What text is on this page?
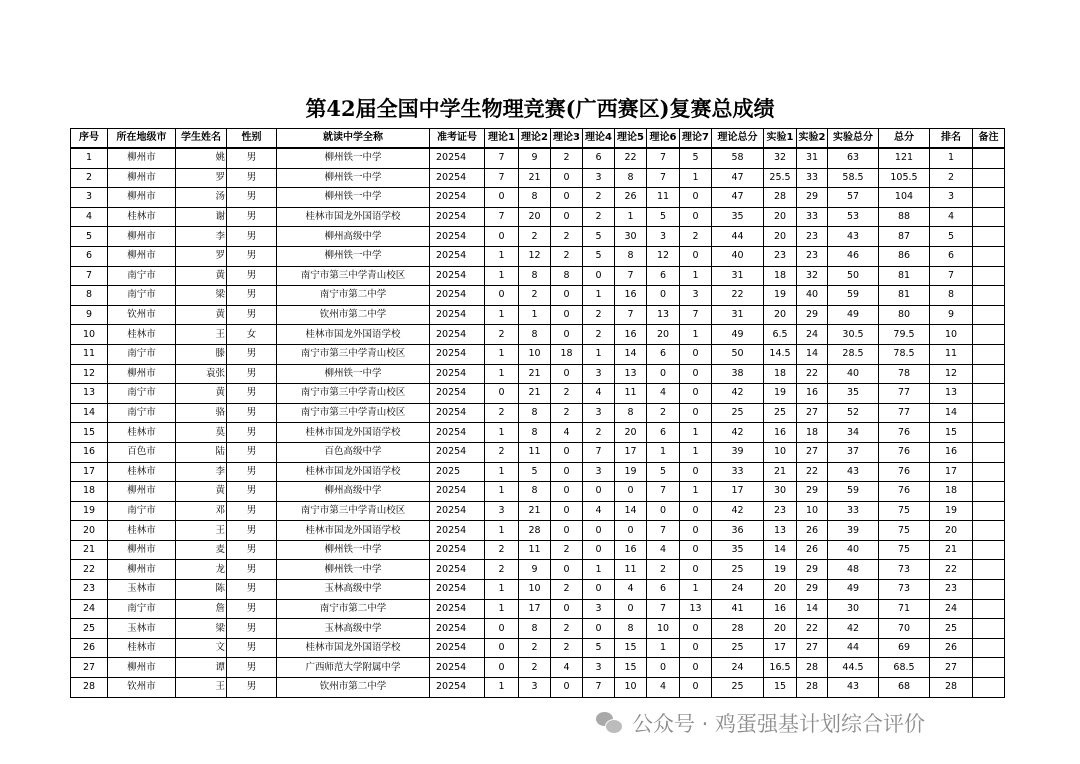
第42届全国中学生物理竞赛(广西赛区)复赛总成绩
序号	所在地级市	学生姓名	性别	就读中学全称	准考证号	理论1	理论2	理论3	理论4	理论5	理论6	理论7	理论总分	实验1	实验2	实验总分	总分	排名	备注
1	柳州市	姚	男	柳州铁一中学	20254	7	9	2	6	22	7	5	58	32	31	63	121	1	
2	柳州市	罗	男	柳州铁一中学	20254	7	21	0	3	8	7	1	47	25.5	33	58.5	105.5	2	
3	柳州市	汤	男	柳州铁一中学	20254	0	8	0	2	26	11	0	47	28	29	57	104	3	
4	桂林市	谢	男	桂林市国龙外国语学校	20254	7	20	0	2	1	5	0	35	20	33	53	88	4	
5	柳州市	李	男	柳州高级中学	20254	0	2	2	5	30	3	2	44	20	23	43	87	5	
6	柳州市	罗	男	柳州铁一中学	20254	1	12	2	5	8	12	0	40	23	23	46	86	6	
7	南宁市	黄	男	南宁市第三中学青山校区	20254	1	8	8	0	7	6	1	31	18	32	50	81	7	
8	南宁市	梁	男	南宁市第二中学	20254	0	2	0	1	16	0	3	22	19	40	59	81	8	
9	钦州市	黄	男	钦州市第二中学	20254	1	1	0	2	7	13	7	31	20	29	49	80	9	
10	桂林市	王	女	桂林市国龙外国语学校	20254	2	8	0	2	16	20	1	49	6.5	24	30.5	79.5	10	
11	南宁市	滕	男	南宁市第三中学青山校区	20254	1	10	18	1	14	6	0	50	14.5	14	28.5	78.5	11	
12	柳州市	袁张	男	柳州铁一中学	20254	1	21	0	3	13	0	0	38	18	22	40	78	12	
13	南宁市	黄	男	南宁市第三中学青山校区	20254	0	21	2	4	11	4	0	42	19	16	35	77	13	
14	南宁市	骆	男	南宁市第三中学青山校区	20254	2	8	2	3	8	2	0	25	25	27	52	77	14	
15	桂林市	莫	男	桂林市国龙外国语学校	20254	1	8	4	2	20	6	1	42	16	18	34	76	15	
16	百色市	陆	男	百色高级中学	20254	2	11	0	7	17	1	1	39	10	27	37	76	16	
17	桂林市	李	男	桂林市国龙外国语学校	2025	1	5	0	3	19	5	0	33	21	22	43	76	17	
18	柳州市	黄	男	柳州高级中学	20254	1	8	0	0	0	7	1	17	30	29	59	76	18	
19	南宁市	邓	男	南宁市第三中学青山校区	20254	3	21	0	4	14	0	0	42	23	10	33	75	19	
20	桂林市	王	男	桂林市国龙外国语学校	20254	1	28	0	0	0	7	0	36	13	26	39	75	20	
21	柳州市	麦	男	柳州铁一中学	20254	2	11	2	0	16	4	0	35	14	26	40	75	21	
22	柳州市	龙	男	柳州铁一中学	20254	2	9	0	1	11	2	0	25	19	29	48	73	22	
23	玉林市	陈	男	玉林高级中学	20254	1	10	2	0	4	6	1	24	20	29	49	73	23	
24	南宁市	詹	男	南宁市第二中学	20254	1	17	0	3	0	7	13	41	16	14	30	71	24	
25	玉林市	梁	男	玉林高级中学	20254	0	8	2	0	8	10	0	28	20	22	42	70	25	
26	桂林市	文	男	桂林市国龙外国语学校	20254	0	2	2	5	15	1	0	25	17	27	44	69	26	
27	柳州市	谭	男	广西师范大学附属中学	20254	0	2	4	3	15	0	0	24	16.5	28	44.5	68.5	27	
28	钦州市	王	男	钦州市第二中学	20254	1	3	0	7	10	4	0	25	15	28	43	68	28	
公众号 · 鸡蛋强基计划综合评价
